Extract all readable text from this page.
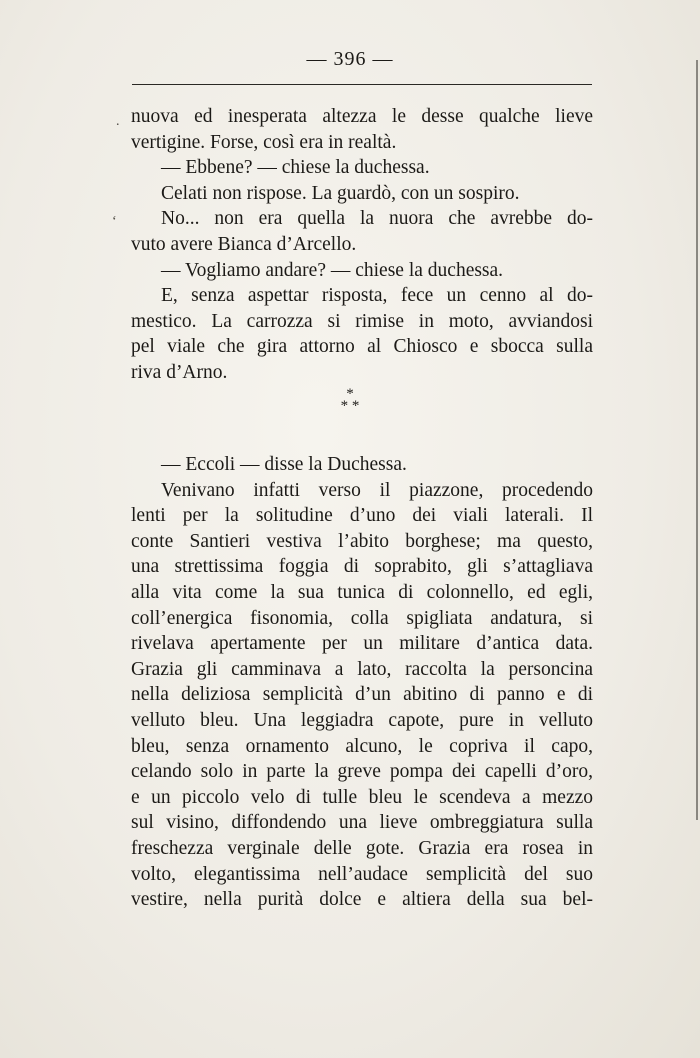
— 396 —
.
‘

nuova ed inesperata altezza le desse qualche lieve
vertigine. Forse, così era in realtà.

— Ebbene? — chiese la duchessa.

Celati non rispose. La guardò, con un sospiro.

No... non era quella la nuora che avrebbe do-
vuto avere Bianca d’Arcello.

— Vogliamo andare? — chiese la duchessa.

E, senza aspettar risposta, fece un cenno al do-
mestico. La carrozza si rimise in moto, avviandosi
pel viale che gira attorno al Chiosco e sbocca sulla
riva d’Arno.

*
* *

— Eccoli — disse la Duchessa.

Venivano infatti verso il piazzone, procedendo
lenti per la solitudine d’uno dei viali laterali. Il
conte Santieri vestiva l’abito borghese; ma questo,
una strettissima foggia di soprabito, gli s’attagliava
alla vita come la sua tunica di colonnello, ed egli,
coll’energica fisonomia, colla spigliata andatura, si
rivelava apertamente per un militare d’antica data.
Grazia gli camminava a lato, raccolta la personcina
nella deliziosa semplicità d’un abitino di panno e di
velluto bleu. Una leggiadra capote, pure in velluto
bleu, senza ornamento alcuno, le copriva il capo,
celando solo in parte la greve pompa dei capelli d’oro,
e un piccolo velo di tulle bleu le scendeva a mezzo
sul visino, diffondendo una lieve ombreggiatura sulla
freschezza verginale delle gote. Grazia era rosea in
volto, elegantissima nell’audace semplicità del suo
vestire, nella purità dolce e altiera della sua bel-
